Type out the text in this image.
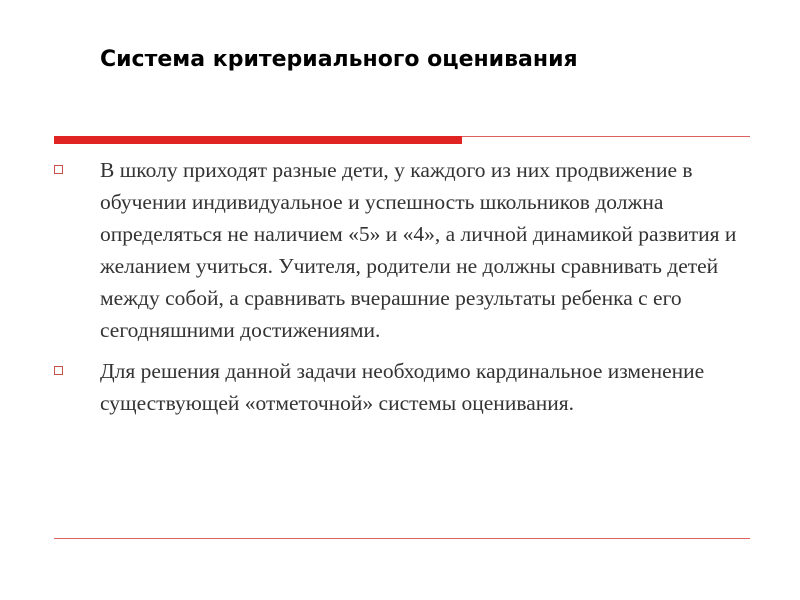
Система критериального оценивания
В школу приходят разные дети, у каждого из них продвижение в обучении индивидуальное и успешность школьников должна определяться не наличием «5» и «4», а личной динамикой развития и желанием учиться. Учителя, родители не должны сравнивать детей между собой, а сравнивать вчерашние результаты ребенка с его сегодняшними достижениями.
Для решения данной задачи необходимо кардинальное изменение существующей «отметочной» системы оценивания.
